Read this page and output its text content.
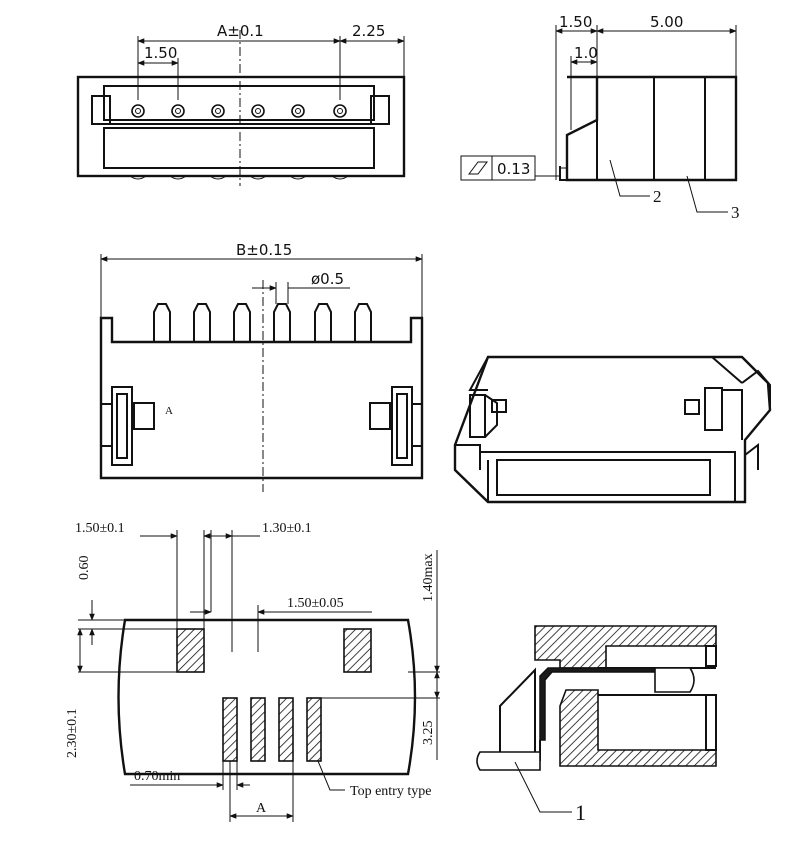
A±0.1	2.25
1.50
1.50	5.00
1.0
0.13
2
3
A
B±0.15
ø0.5
1.50±0.1	1.30±0.1
1.50±0.05
0.60	1.40max
2.30±0.1	3.25
0.70min
A
Top entry type
1
